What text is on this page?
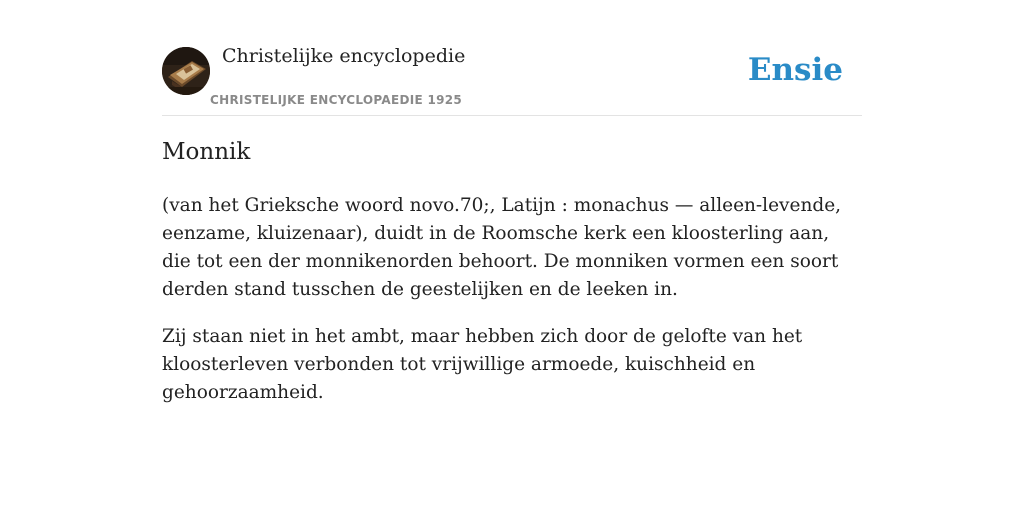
Christelijke encyclopedie
CHRISTELIJKE ENCYCLOPAEDIE 1925
Ensie
Monnik

(van het Grieksche woord novo.70;, Latijn : monachus — alleen-levende, eenzame, kluizenaar), duidt in de Roomsche kerk een kloosterling aan, die tot een der monnikenorden behoort. De monniken vormen een soort derden stand tusschen de geestelijken en de leeken in.

Zij staan niet in het ambt, maar hebben zich door de gelofte van het kloosterleven verbonden tot vrijwillige armoede, kuischheid en gehoorzaamheid.
